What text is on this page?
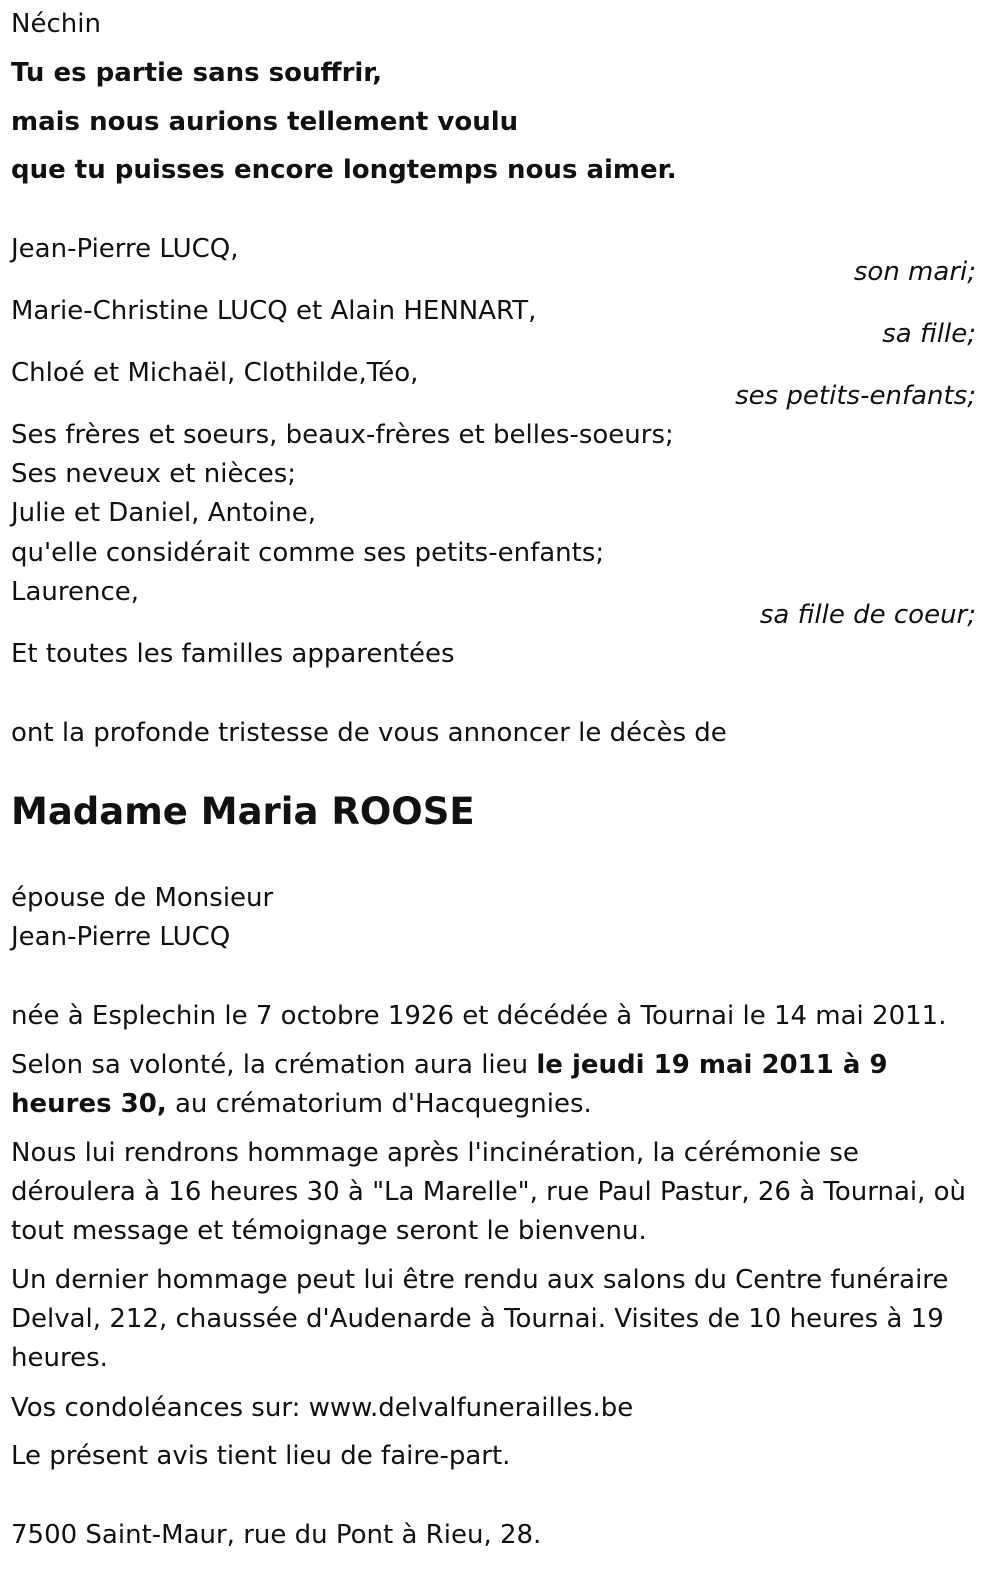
Néchin
Tu es partie sans souffrir,
mais nous aurions tellement voulu
que tu puisses encore longtemps nous aimer.
Jean-Pierre LUCQ,
son mari;
Marie-Christine LUCQ et Alain HENNART,
sa fille;
Chloé et Michaël, Clothilde,Téo,
ses petits-enfants;
Ses frères et soeurs, beaux-frères et belles-soeurs;
Ses neveux et nièces;
Julie et Daniel, Antoine,
qu'elle considérait comme ses petits-enfants;
Laurence,
sa fille de coeur;
Et toutes les familles apparentées
ont la profonde tristesse de vous annoncer le décès de
Madame Maria ROOSE
épouse de Monsieur
Jean-Pierre LUCQ
née à Esplechin le 7 octobre 1926 et décédée à Tournai le 14 mai 2011.

Selon sa volonté, la crémation aura lieu le jeudi 19 mai 2011 à 9 heures 30, au crématorium d'Hacquegnies.

Nous lui rendrons hommage après l'incinération, la cérémonie se déroulera à 16 heures 30 à "La Marelle", rue Paul Pastur, 26 à Tournai, où tout message et témoignage seront le bienvenu.

Un dernier hommage peut lui être rendu aux salons du Centre funéraire Delval, 212, chaussée d'Audenarde à Tournai. Visites de 10 heures à 19 heures.

Vos condoléances sur: www.delvalfunerailles.be
Le présent avis tient lieu de faire-part.
7500 Saint-Maur, rue du Pont à Rieu, 28.
